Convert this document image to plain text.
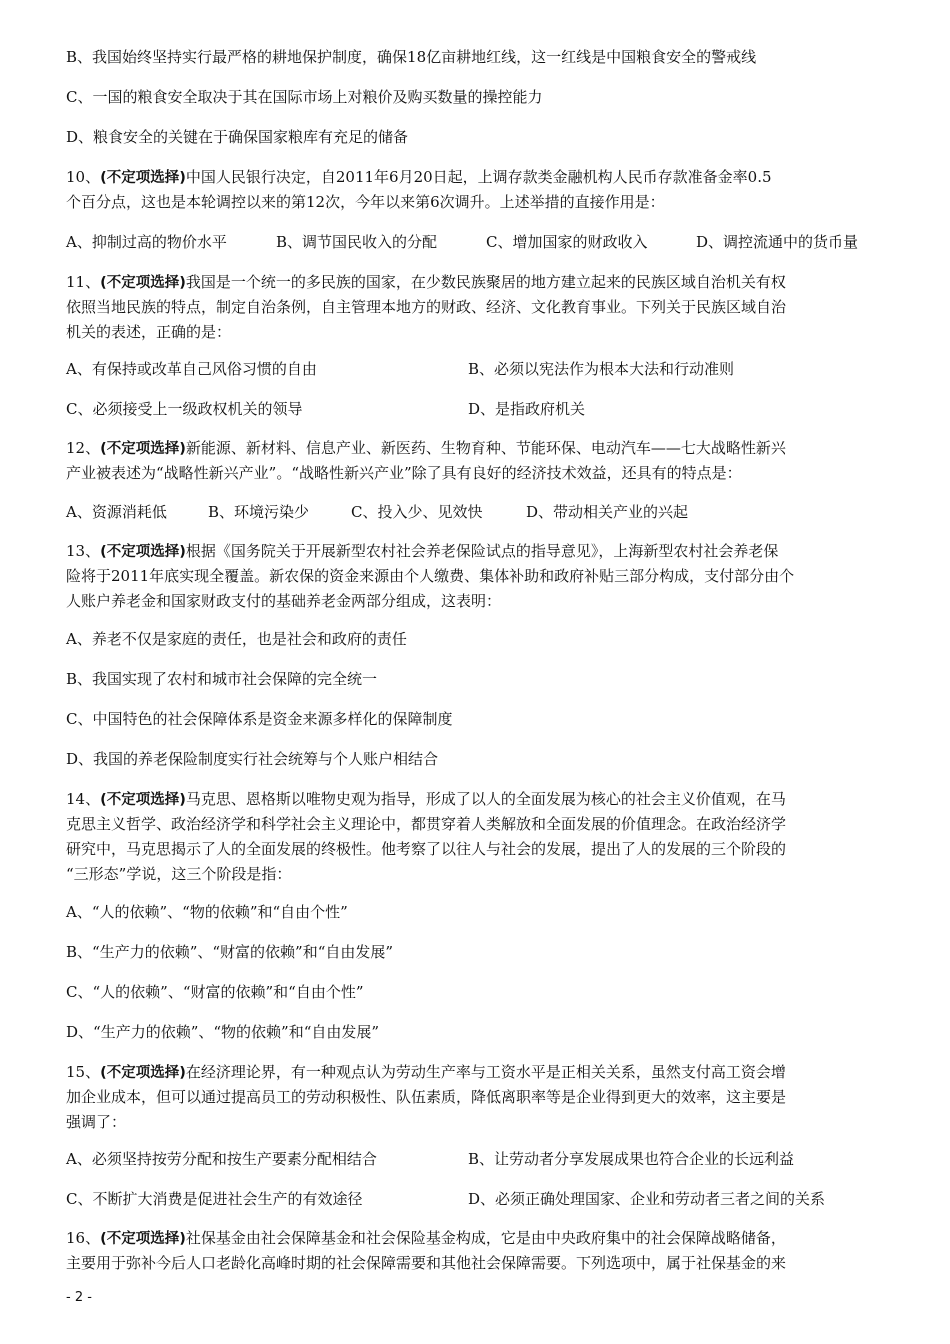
B、我国始终坚持实行最严格的耕地保护制度，确保18亿亩耕地红线，这一红线是中国粮食安全的警戒线
C、一国的粮食安全取决于其在国际市场上对粮价及购买数量的操控能力
D、粮食安全的关键在于确保国家粮库有充足的储备
10、(不定项选择)中国人民银行决定，自2011年6月20日起，上调存款类金融机构人民币存款准备金率0.5
个百分点，这也是本轮调控以来的第12次，今年以来第6次调升。上述举措的直接作用是：
A、抑制过高的物价水平	B、调节国民收入的分配	C、增加国家的财政收入	D、调控流通中的货币量
11、(不定项选择)我国是一个统一的多民族的国家，在少数民族聚居的地方建立起来的民族区域自治机关有权
依照当地民族的特点，制定自治条例，自主管理本地方的财政、经济、文化教育事业。下列关于民族区域自治
机关的表述，正确的是：
A、有保持或改革自己风俗习惯的自由	B、必须以宪法作为根本大法和行动准则
C、必须接受上一级政权机关的领导	D、是指政府机关
12、(不定项选择)新能源、新材料、信息产业、新医药、生物育种、节能环保、电动汽车——七大战略性新兴
产业被表述为“战略性新兴产业”。“战略性新兴产业”除了具有良好的经济技术效益，还具有的特点是：
A、资源消耗低	B、环境污染少	C、投入少、见效快	D、带动相关产业的兴起
13、(不定项选择)根据《国务院关于开展新型农村社会养老保险试点的指导意见》，上海新型农村社会养老保
险将于2011年底实现全覆盖。新农保的资金来源由个人缴费、集体补助和政府补贴三部分构成，支付部分由个
人账户养老金和国家财政支付的基础养老金两部分组成，这表明：
A、养老不仅是家庭的责任，也是社会和政府的责任
B、我国实现了农村和城市社会保障的完全统一
C、中国特色的社会保障体系是资金来源多样化的保障制度
D、我国的养老保险制度实行社会统筹与个人账户相结合
14、(不定项选择)马克思、恩格斯以唯物史观为指导，形成了以人的全面发展为核心的社会主义价值观，在马
克思主义哲学、政治经济学和科学社会主义理论中，都贯穿着人类解放和全面发展的价值理念。在政治经济学
研究中，马克思揭示了人的全面发展的终极性。他考察了以往人与社会的发展，提出了人的发展的三个阶段的
“三形态”学说，这三个阶段是指：
A、“人的依赖”、“物的依赖”和“自由个性”
B、“生产力的依赖”、“财富的依赖”和“自由发展”
C、“人的依赖”、“财富的依赖”和“自由个性”
D、“生产力的依赖”、“物的依赖”和“自由发展”
15、(不定项选择)在经济理论界，有一种观点认为劳动生产率与工资水平是正相关关系，虽然支付高工资会增
加企业成本，但可以通过提高员工的劳动积极性、队伍素质，降低离职率等是企业得到更大的效率，这主要是
强调了：
A、必须坚持按劳分配和按生产要素分配相结合	B、让劳动者分享发展成果也符合企业的长远利益
C、不断扩大消费是促进社会生产的有效途径	D、必须正确处理国家、企业和劳动者三者之间的关系
16、(不定项选择)社保基金由社会保障基金和社会保险基金构成，它是由中央政府集中的社会保障战略储备，
主要用于弥补今后人口老龄化高峰时期的社会保障需要和其他社会保障需要。下列选项中，属于社保基金的来
- 2 -
